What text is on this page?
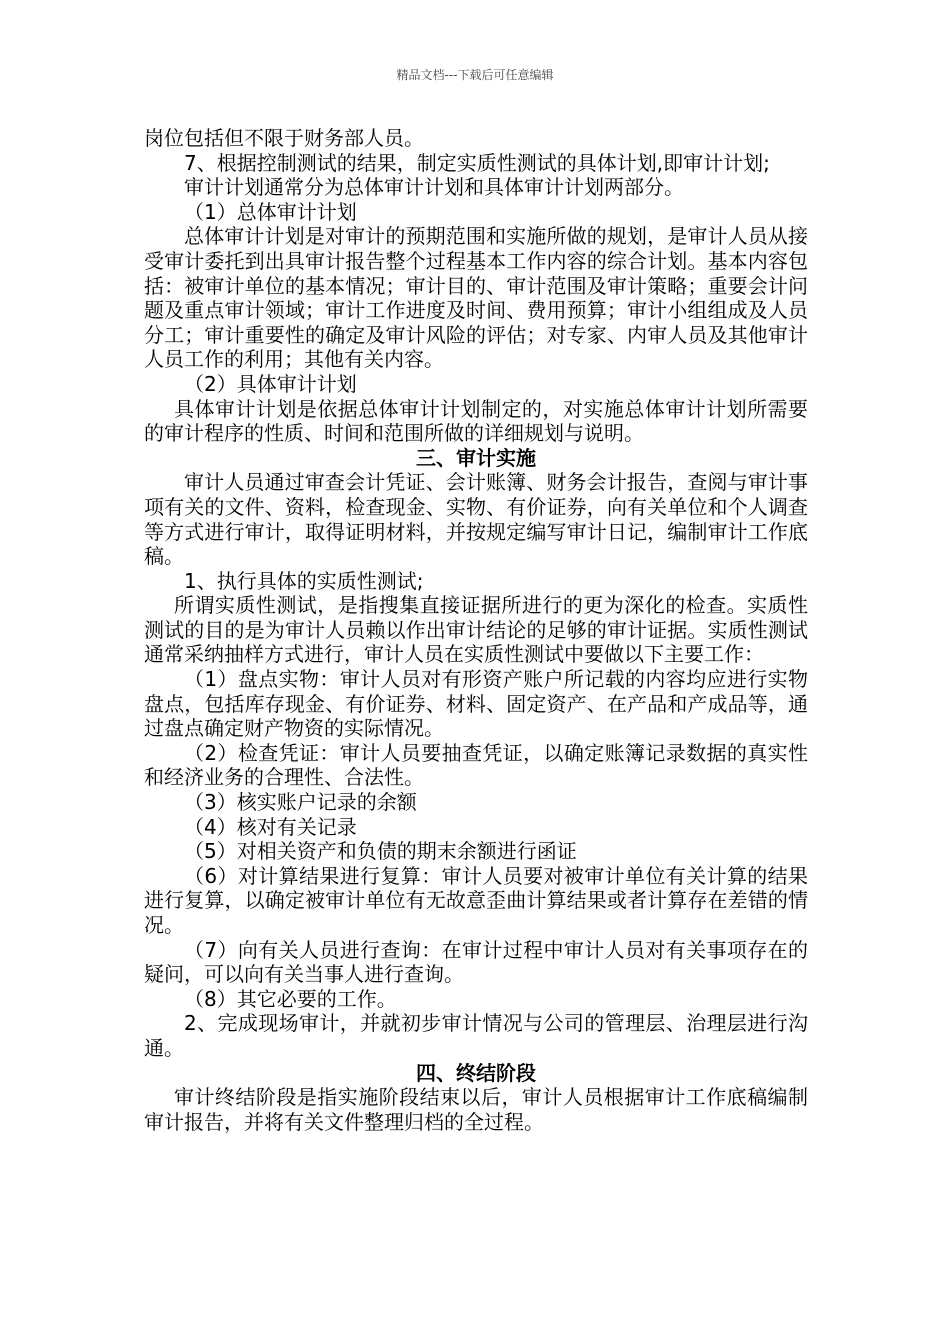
精品文档---下载后可任意编辑

岗位包括但不限于财务部人员。

7、根据控制测试的结果，制定实质性测试的具体计划,即审计计划;

审计计划通常分为总体审计计划和具体审计计划两部分。

（1）总体审计计划

总体审计计划是对审计的预期范围和实施所做的规划，是审计人员从接受审计委托到出具审计报告整个过程基本工作内容的综合计划。基本内容包括：被审计单位的基本情况；审计目的、审计范围及审计策略；重要会计问题及重点审计领域；审计工作进度及时间、费用预算；审计小组组成及人员分工；审计重要性的确定及审计风险的评估；对专家、内审人员及其他审计人员工作的利用；其他有关内容。

（2）具体审计计划

具体审计计划是依据总体审计计划制定的，对实施总体审计计划所需要的审计程序的性质、时间和范围所做的详细规划与说明。

三、审计实施

审计人员通过审查会计凭证、会计账簿、财务会计报告，查阅与审计事项有关的文件、资料，检查现金、实物、有价证券，向有关单位和个人调查等方式进行审计，取得证明材料，并按规定编写审计日记，编制审计工作底稿。

1、执行具体的实质性测试;

所谓实质性测试，是指搜集直接证据所进行的更为深化的检查。实质性测试的目的是为审计人员赖以作出审计结论的足够的审计证据。实质性测试通常采纳抽样方式进行，审计人员在实质性测试中要做以下主要工作：

（1）盘点实物：审计人员对有形资产账户所记载的内容均应进行实物盘点，包括库存现金、有价证券、材料、固定资产、在产品和产成品等，通过盘点确定财产物资的实际情况。

（2）检查凭证：审计人员要抽查凭证，以确定账簿记录数据的真实性和经济业务的合理性、合法性。

（3）核实账户记录的余额

（4）核对有关记录

（5）对相关资产和负债的期末余额进行函证

（6）对计算结果进行复算：审计人员要对被审计单位有关计算的结果进行复算，以确定被审计单位有无故意歪曲计算结果或者计算存在差错的情况。

（7）向有关人员进行查询：在审计过程中审计人员对有关事项存在的疑问，可以向有关当事人进行查询。

（8）其它必要的工作。

2、完成现场审计，并就初步审计情况与公司的管理层、治理层进行沟通。

四、终结阶段

审计终结阶段是指实施阶段结束以后，审计人员根据审计工作底稿编制审计报告，并将有关文件整理归档的全过程。
